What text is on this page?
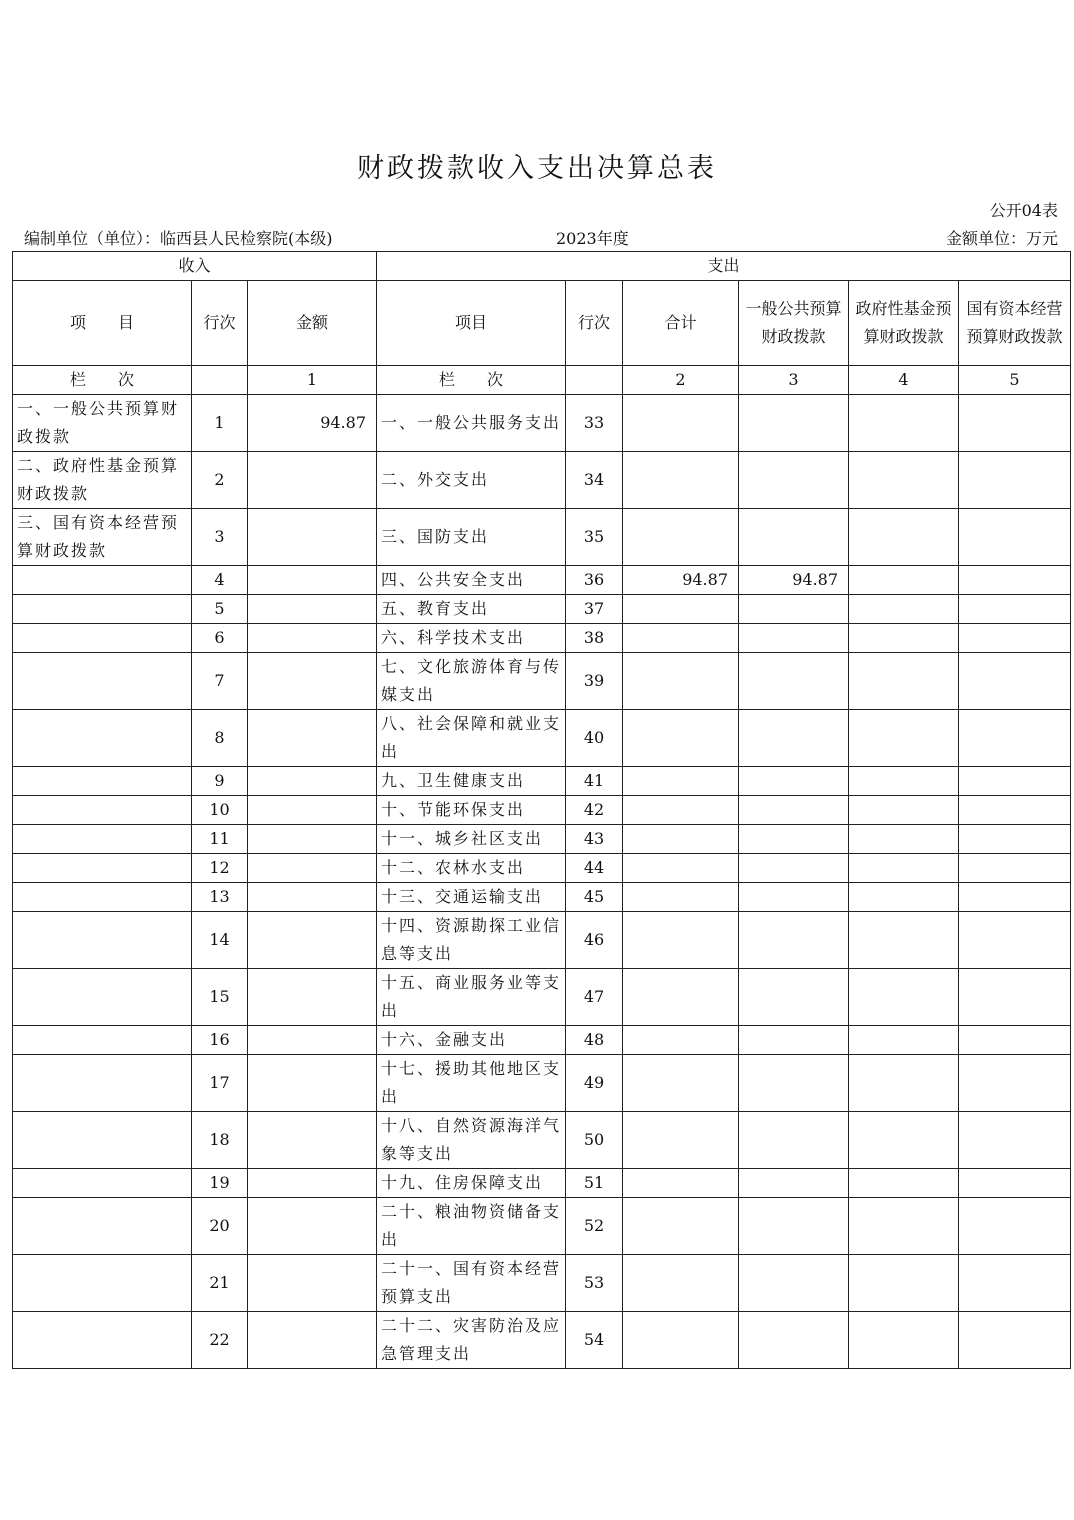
财政拨款收入支出决算总表
公开04表
编制单位（单位）：临西县人民检察院(本级)	2023年度	金额单位：万元
收入			支出					
项　　目	行次	金额	项目	行次	合计	一般公共预算财政拨款	政府性基金预算财政拨款	国有资本经营预算财政拨款
栏　　次		1	栏　　次		2	3	4	5
一、一般公共预算财政拨款	1	94.87	一、一般公共服务支出	33				
二、政府性基金预算财政拨款	2		二、外交支出	34				
三、国有资本经营预算财政拨款	3		三、国防支出	35				
	4		四、公共安全支出	36	94.87	94.87		
	5		五、教育支出	37				
	6		六、科学技术支出	38				
	7		七、文化旅游体育与传媒支出	39				
	8		八、社会保障和就业支出	40				
	9		九、卫生健康支出	41				
	10		十、节能环保支出	42				
	11		十一、城乡社区支出	43				
	12		十二、农林水支出	44				
	13		十三、交通运输支出	45				
	14		十四、资源勘探工业信息等支出	46				
	15		十五、商业服务业等支出	47				
	16		十六、金融支出	48				
	17		十七、援助其他地区支出	49				
	18		十八、自然资源海洋气象等支出	50				
	19		十九、住房保障支出	51				
	20		二十、粮油物资储备支出	52				
	21		二十一、国有资本经营预算支出	53				
	22		二十二、灾害防治及应急管理支出	54				
